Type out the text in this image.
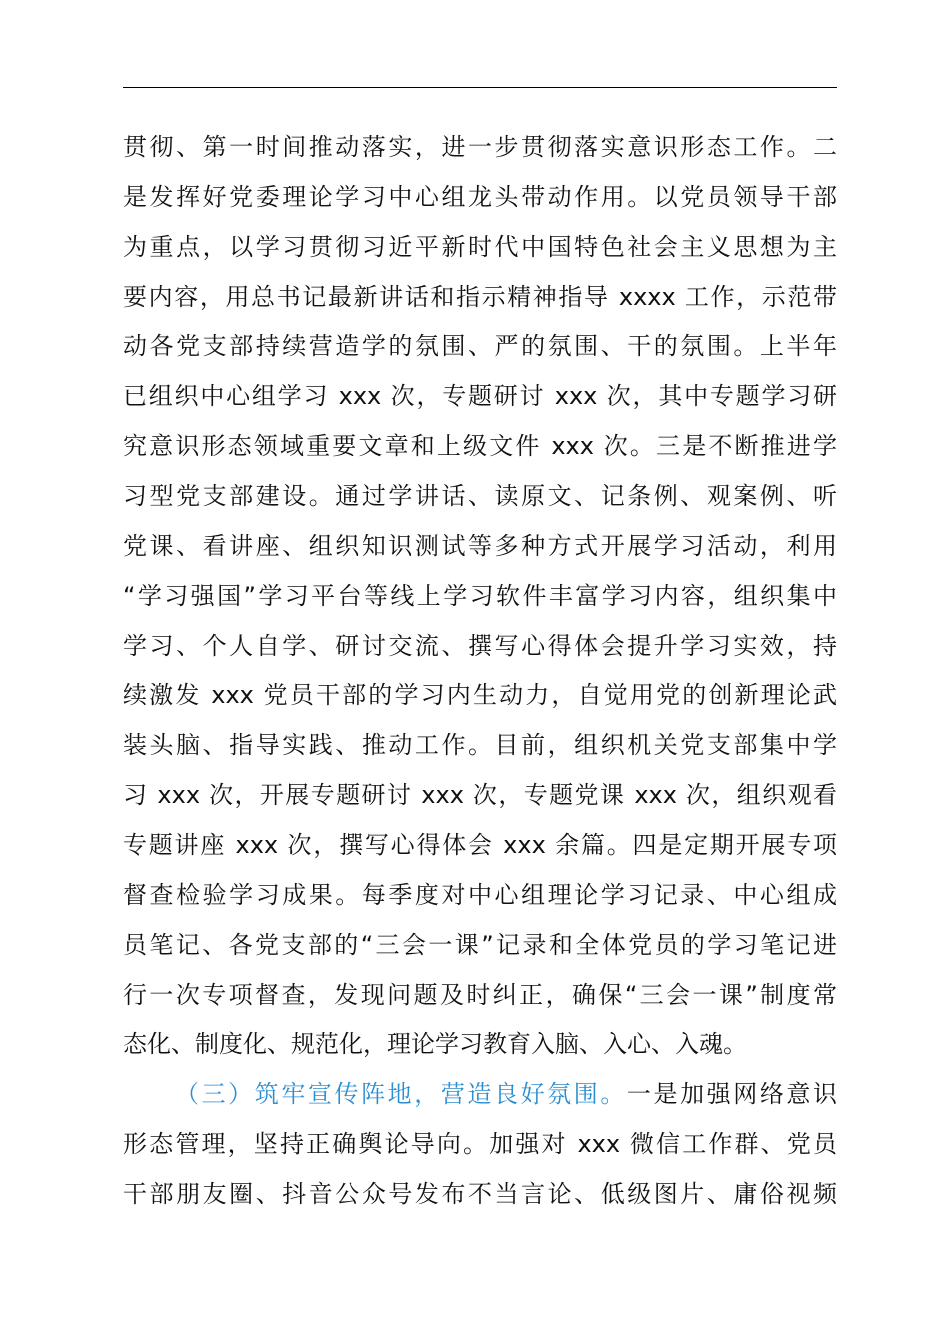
贯彻、第一时间推动落实，进一步贯彻落实意识形态工作。二
是发挥好党委理论学习中心组龙头带动作用。以党员领导干部
为重点，以学习贯彻习近平新时代中国特色社会主义思想为主
要内容，用总书记最新讲话和指示精神指导 xxxx 工作，示范带
动各党支部持续营造学的氛围、严的氛围、干的氛围。上半年
已组织中心组学习 xxx 次，专题研讨 xxx 次，其中专题学习研
究意识形态领域重要文章和上级文件 xxx 次。三是不断推进学
习型党支部建设。通过学讲话、读原文、记条例、观案例、听
党课、看讲座、组织知识测试等多种方式开展学习活动，利用
“学习强国”学习平台等线上学习软件丰富学习内容，组织集中
学习、个人自学、研讨交流、撰写心得体会提升学习实效，持
续激发 xxx 党员干部的学习内生动力，自觉用党的创新理论武
装头脑、指导实践、推动工作。目前，组织机关党支部集中学
习 xxx 次，开展专题研讨 xxx 次，专题党课 xxx 次，组织观看
专题讲座 xxx 次，撰写心得体会 xxx 余篇。四是定期开展专项
督查检验学习成果。每季度对中心组理论学习记录、中心组成
员笔记、各党支部的“三会一课”记录和全体党员的学习笔记进
行一次专项督查，发现问题及时纠正，确保“三会一课”制度常
态化、制度化、规范化，理论学习教育入脑、入心、入魂。
（三）筑牢宣传阵地，营造良好氛围。一是加强网络意识
形态管理，坚持正确舆论导向。加强对 xxx 微信工作群、党员
干部朋友圈、抖音公众号发布不当言论、低级图片、庸俗视频
